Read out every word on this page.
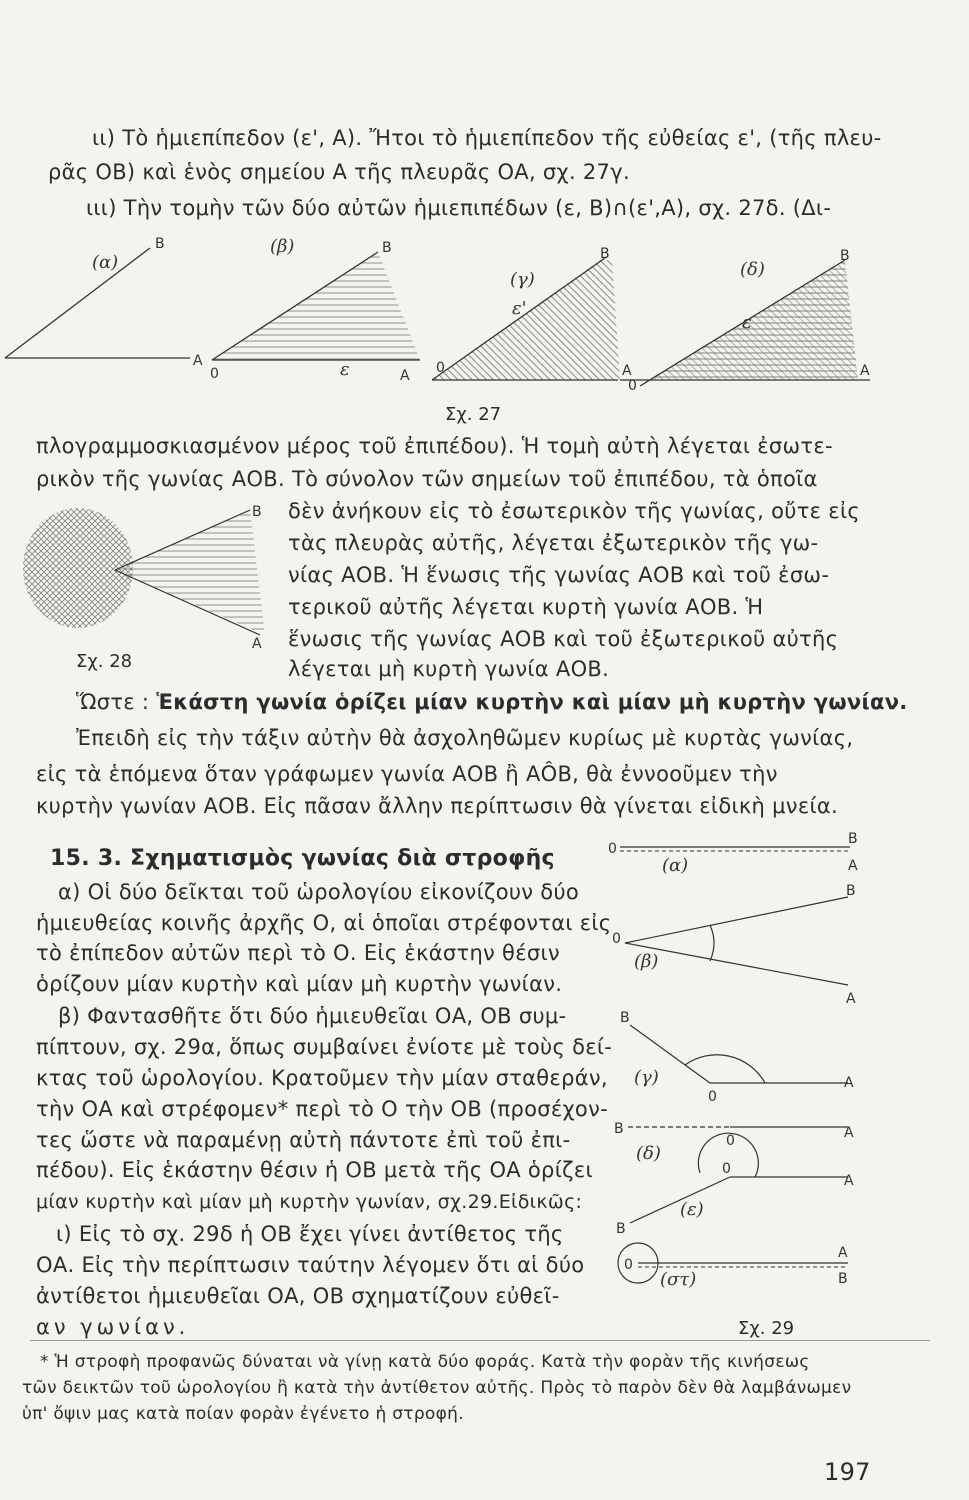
ιι) Τὸ ἡμιεπίπεδον (ε', Α). Ἤτοι τὸ ἡμιεπίπεδον τῆς εὐθείας ε', (τῆς πλευ-
ρᾶς ΟΒ) καὶ ἑνὸς σημείου Α τῆς πλευρᾶς ΟΑ, σχ. 27γ.
ιιι) Τὴν τομὴν τῶν δύο αὐτῶν ἡμιεπιπέδων (ε, Β)∩(ε',Α), σχ. 27δ. (Δι-
(α)
B
A
(β)	B
0	A
ε
(γ)
B
0	A
ε'
(δ)
B
0
A
ε
Σχ. 27
πλογραμμοσκιασμένον μέρος τοῦ ἐπιπέδου). Ἡ τομὴ αὐτὴ λέγεται ἐσωτε-
ρικὸν τῆς γωνίας ΑΟΒ. Τὸ σύνολον τῶν σημείων τοῦ ἐπιπέδου, τὰ ὁποῖα
B
A
Σχ. 28
δὲν ἀνήκουν εἰς τὸ ἐσωτερικὸν τῆς γωνίας, οὔτε εἰς
τὰς πλευρὰς αὐτῆς, λέγεται ἐξωτερικὸν τῆς γω-
νίας ΑΟΒ. Ἡ ἕνωσις τῆς γωνίας ΑΟΒ καὶ τοῦ ἐσω-
τερικοῦ αὐτῆς λέγεται κυρτὴ γωνία ΑΟΒ. Ἡ
ἕνωσις τῆς γωνίας ΑΟΒ καὶ τοῦ ἐξωτερικοῦ αὐτῆς
λέγεται μὴ κυρτὴ γωνία ΑΟΒ.
Ὥστε : Ἑκάστη γωνία ὁρίζει μίαν κυρτὴν καὶ μίαν μὴ κυρτὴν γωνίαν.
Ἐπειδὴ εἰς τὴν τάξιν αὐτὴν θὰ ἀσχοληθῶμεν κυρίως μὲ κυρτὰς γωνίας,
εἰς τὰ ἑπόμενα ὅταν γράφωμεν γωνία ΑΟΒ ἢ ΑÔΒ, θὰ ἐννοοῦμεν τὴν
κυρτὴν γωνίαν ΑΟΒ. Εἰς πᾶσαν ἄλλην περίπτωσιν θὰ γίνεται εἰδικὴ μνεία.
15. 3. Σχηματισμὸς γωνίας διὰ στροφῆς
α) Οἱ δύο δεῖκται τοῦ ὡρολογίου εἰκονίζουν δύο
ἡμιευθείας κοινῆς ἀρχῆς Ο, αἱ ὁποῖαι στρέφονται εἰς
τὸ ἐπίπεδον αὐτῶν περὶ τὸ Ο. Εἰς ἑκάστην θέσιν
ὁρίζουν μίαν κυρτὴν καὶ μίαν μὴ κυρτὴν γωνίαν.
β) Φαντασθῆτε ὅτι δύο ἡμιευθεῖαι ΟΑ, ΟΒ συμ-
πίπτουν, σχ. 29α, ὅπως συμβαίνει ἐνίοτε μὲ τοὺς δεί-
κτας τοῦ ὡρολογίου. Κρατοῦμεν τὴν μίαν σταθεράν,
τὴν ΟΑ καὶ στρέφομεν* περὶ τὸ Ο τὴν ΟΒ (προσέχον-
τες ὥστε νὰ παραμένῃ αὐτὴ πάντοτε ἐπὶ τοῦ ἐπι-
πέδου). Εἰς ἑκάστην θέσιν ἡ ΟΒ μετὰ τῆς ΟΑ ὁρίζει
μίαν κυρτὴν καὶ μίαν μὴ κυρτὴν γωνίαν, σχ.29.Εἰδικῶς:
ι) Εἰς τὸ σχ. 29δ ἡ ΟΒ ἔχει γίνει ἀντίθετος τῆς
ΟΑ. Εἰς τὴν περίπτωσιν ταύτην λέγομεν ὅτι αἱ δύο
ἀντίθετοι ἡμιευθεῖαι ΟΑ, ΟΒ σχηματίζουν εὐθεῖ-
αν γωνίαν.
0
B
A
(α)
0
B
A
(β)
B
0
A
(γ)
B
0	A
(δ)
0
A
B
(ε)
0
A
B
(στ)
Σχ. 29
* Ἡ στροφὴ προφανῶς δύναται νὰ γίνῃ κατὰ δύο φοράς. Κατὰ τὴν φορὰν τῆς κινήσεως
τῶν δεικτῶν τοῦ ὡρολογίου ἢ κατὰ τὴν ἀντίθετον αὐτῆς. Πρὸς τὸ παρὸν δὲν θὰ λαμβάνωμεν
ὑπ' ὄψιν μας κατὰ ποίαν φορὰν ἐγένετο ἡ στροφή.
197
